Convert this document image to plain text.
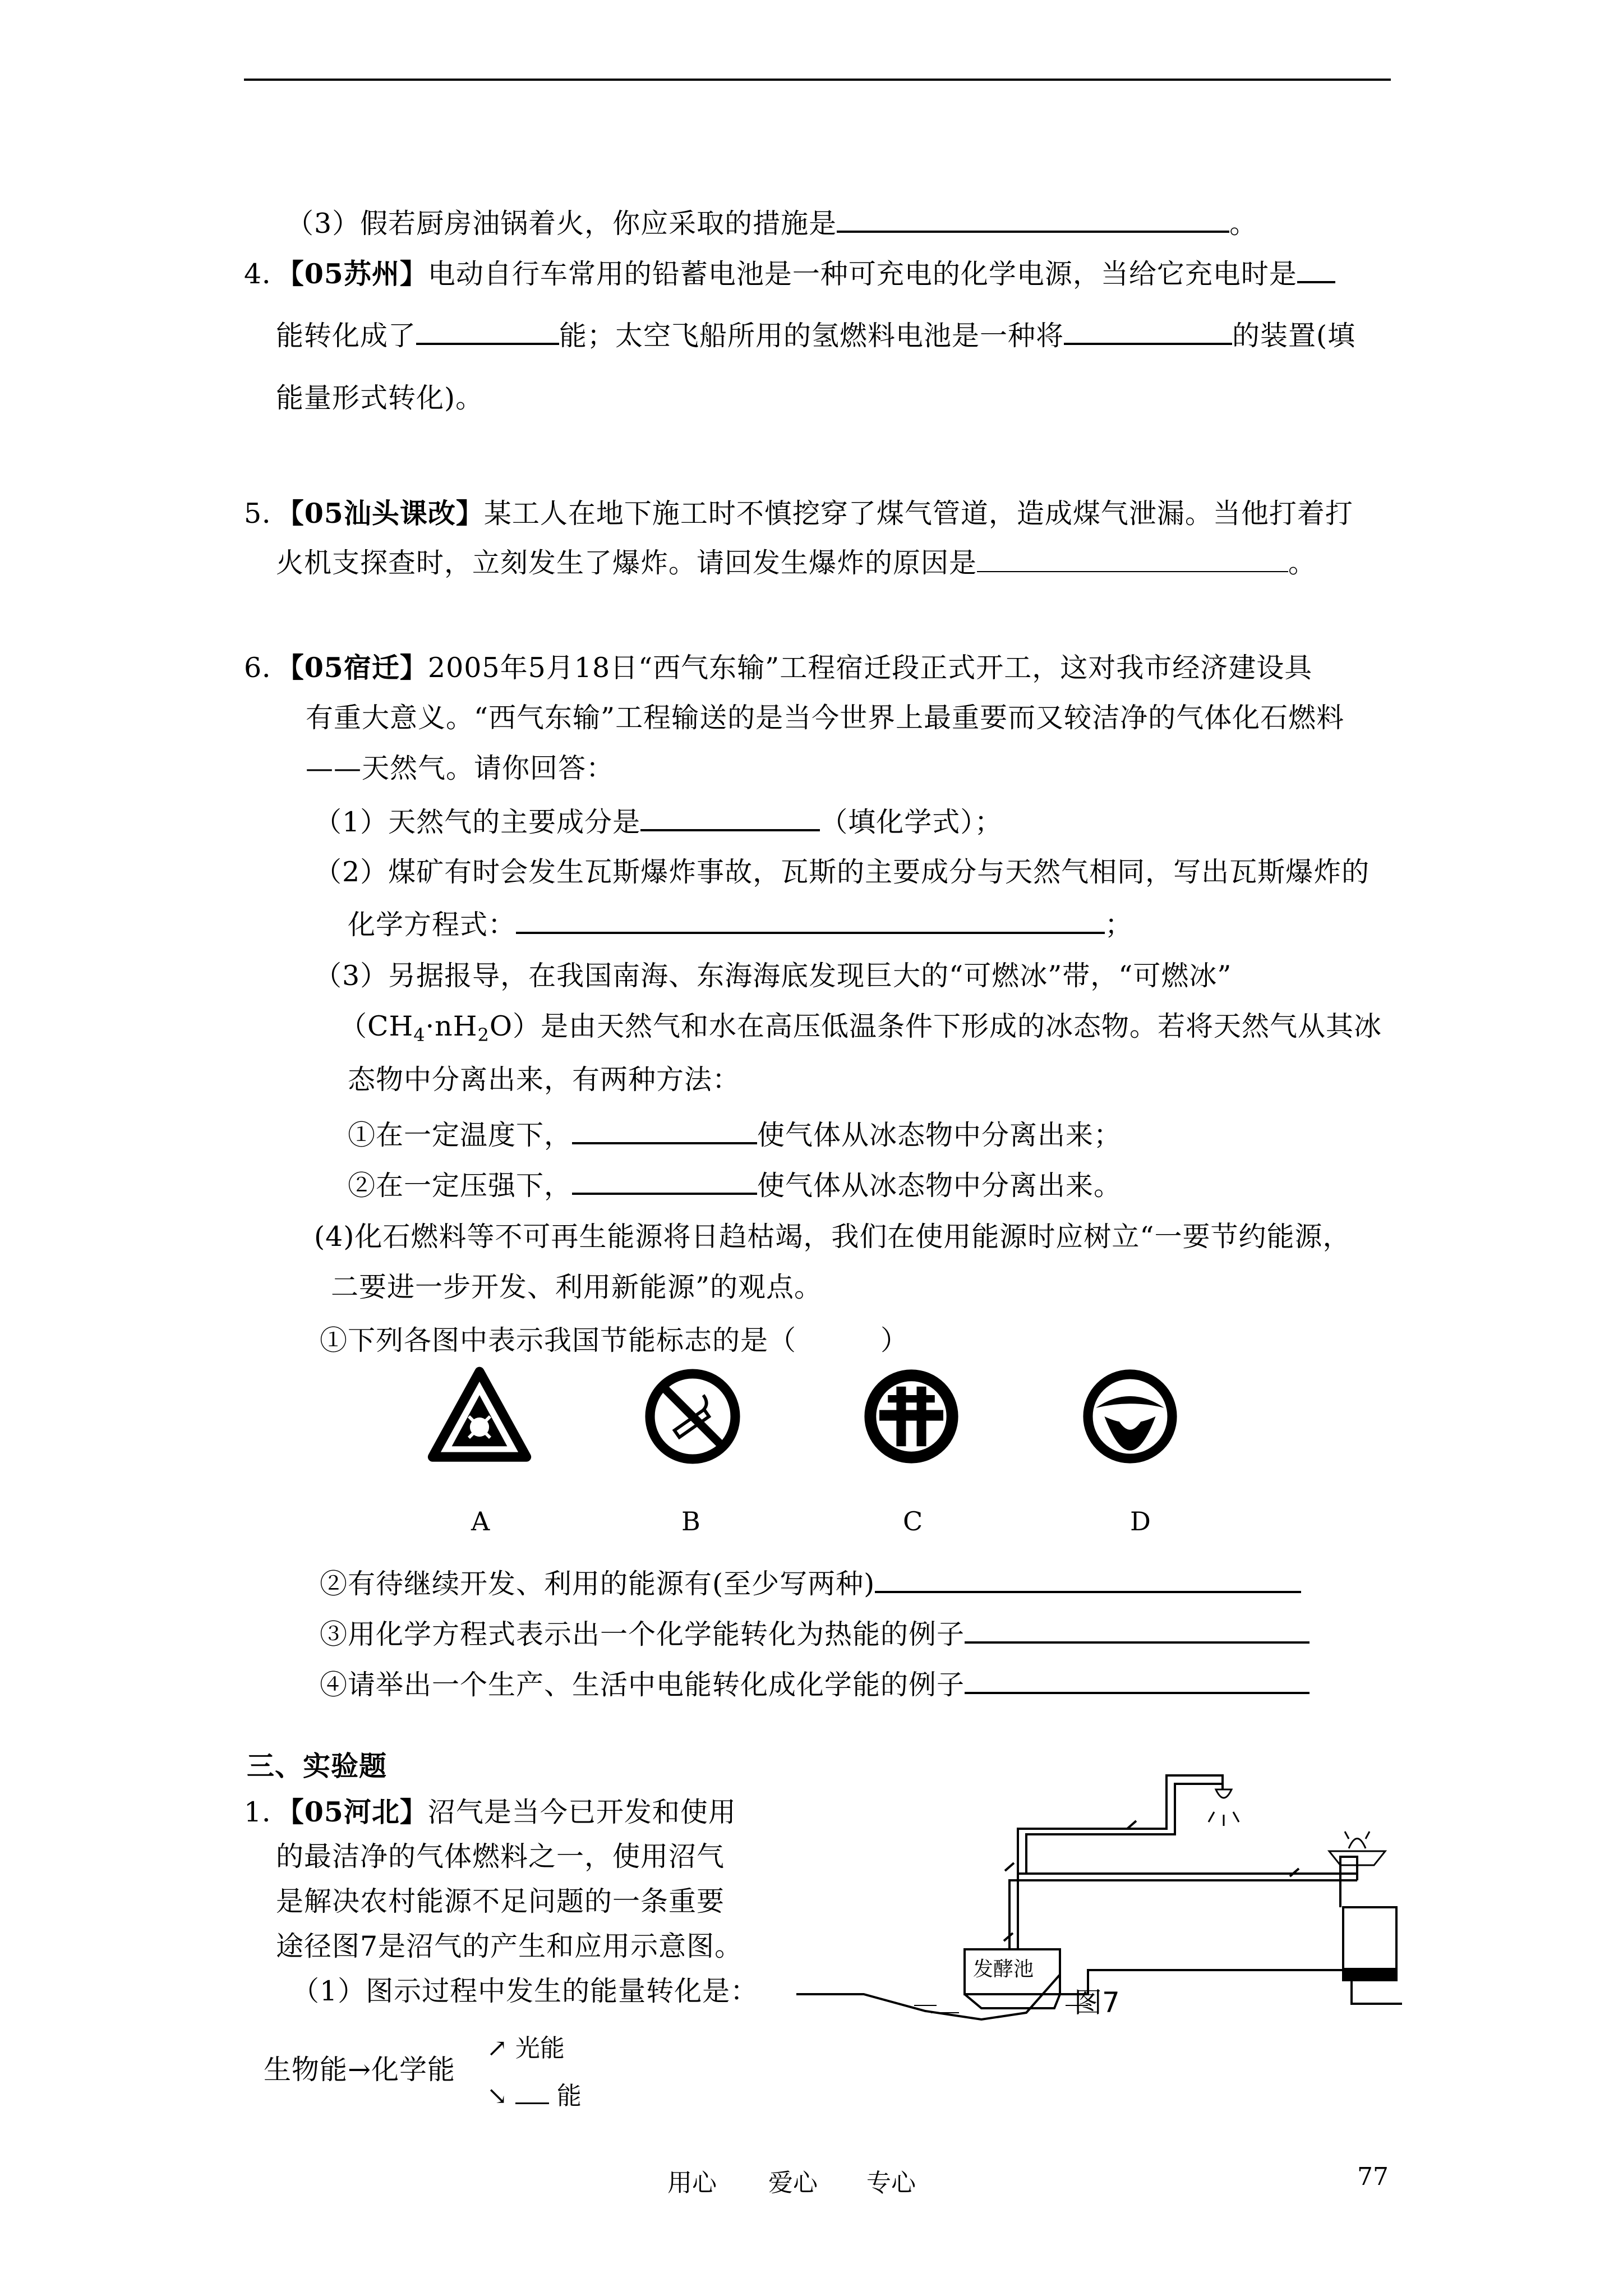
（3）假若厨房油锅着火，你应采取的措施是	。
4．【05苏州】电动自行车常用的铅蓄电池是一种可充电的化学电源，当给它充电时是
能转化成了	能；太空飞船所用的氢燃料电池是一种将	的装置(填
能量形式转化)。
5．【05汕头课改】某工人在地下施工时不慎挖穿了煤气管道，造成煤气泄漏。当他打着打
火机支探查时，立刻发生了爆炸。请回发生爆炸的原因是	。
6．【05宿迁】2005年5月18日“西气东输”工程宿迁段正式开工，这对我市经济建设具
有重大意义。“西气东输”工程输送的是当今世界上最重要而又较洁净的气体化石燃料
——天然气。请你回答：
（1）天然气的主要成分是	（填化学式）；
（2）煤矿有时会发生瓦斯爆炸事故，瓦斯的主要成分与天然气相同，写出瓦斯爆炸的
化学方程式：	；
（3）另据报导，在我国南海、东海海底发现巨大的“可燃冰”带，“可燃冰”
$(CH_4\cdot nH_2O)$是由天然气和水在高压低温条件下形成的冰态物。若将天然气从其冰
态物中分离出来，有两种方法：
①在一定温度下，	使气体从冰态物中分离出来；
②在一定压强下，	使气体从冰态物中分离出来。
(4)化石燃料等不可再生能源将日趋枯竭，我们在使用能源时应树立“一要节约能源，
二要进一步开发、利用新能源”的观点。
①下列各图中表示我国节能标志的是（　　　）
A	B	C	D
②有待继续开发、利用的能源有(至少写两种)
③用化学方程式表示出一个化学能转化为热能的例子
④请举出一个生产、生活中电能转化成化学能的例子
三、实验题
1．【05河北】沼气是当今已开发和使用
的最洁净的气体燃料之一，使用沼气
是解决农村能源不足问题的一条重要
途径图7是沼气的产生和应用示意图。
（1）图示过程中发生的能量转化是：
生物能→化学能
↗ 光能
↘ 能
发酵池
图7
用心 爱心 专心	77
